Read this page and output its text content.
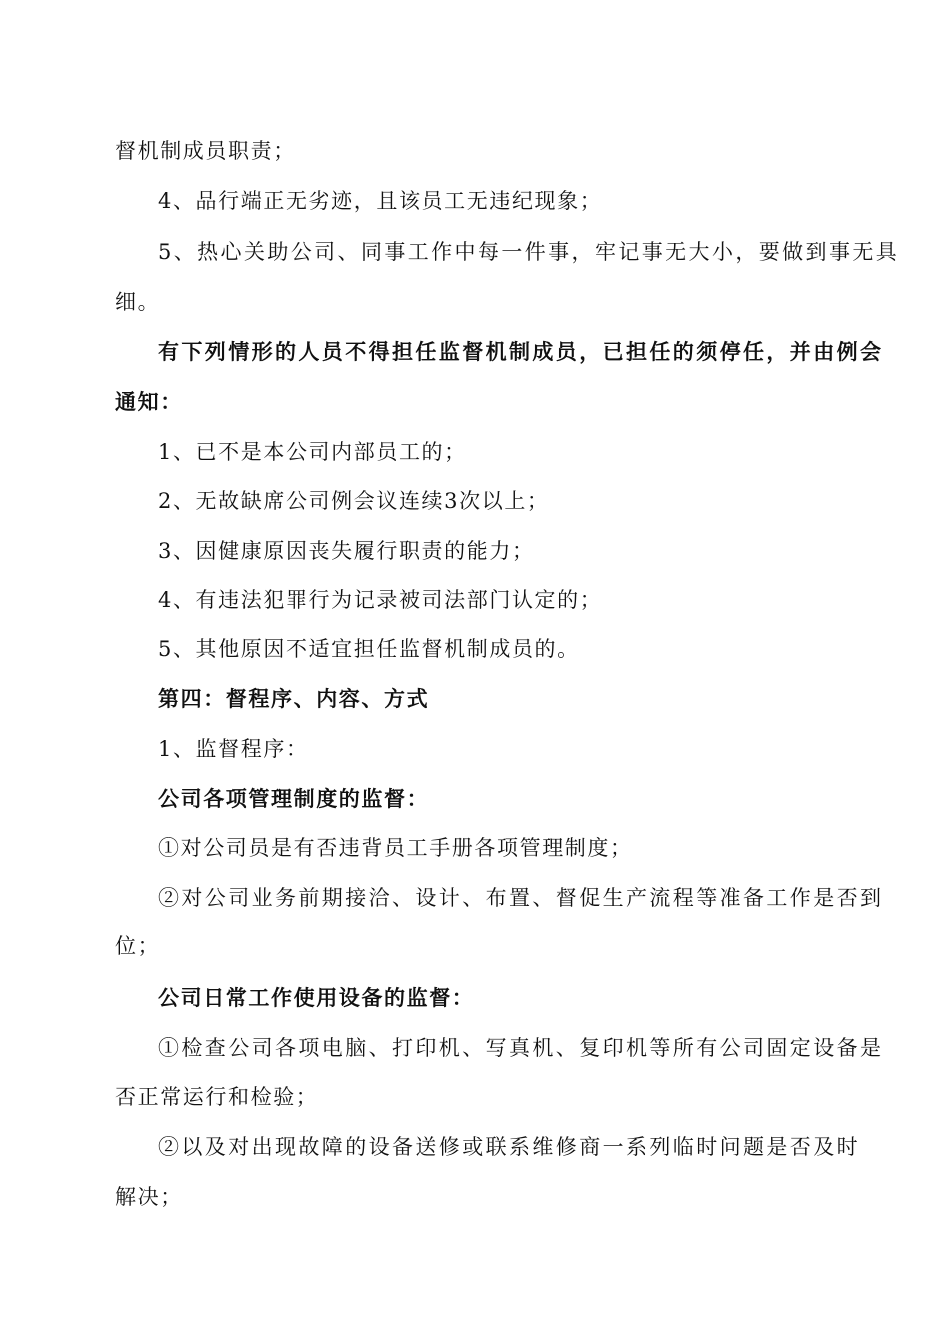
督机制成员职责；
4、品行端正无劣迹，且该员工无违纪现象；
5、热心关助公司、同事工作中每一件事，牢记事无大小，要做到事无具
细。
有下列情形的人员不得担任监督机制成员，已担任的须停任，并由例会
通知：
1、已不是本公司内部员工的；
2、无故缺席公司例会议连续3次以上；
3、因健康原因丧失履行职责的能力；
4、有违法犯罪行为记录被司法部门认定的；
5、其他原因不适宜担任监督机制成员的。
第四：督程序、内容、方式
1、监督程序：
公司各项管理制度的监督：
①对公司员是有否违背员工手册各项管理制度；
②对公司业务前期接洽、设计、布置、督促生产流程等准备工作是否到
位；
公司日常工作使用设备的监督：
①检查公司各项电脑、打印机、写真机、复印机等所有公司固定设备是
否正常运行和检验；
②以及对出现故障的设备送修或联系维修商一系列临时问题是否及时
解决；
